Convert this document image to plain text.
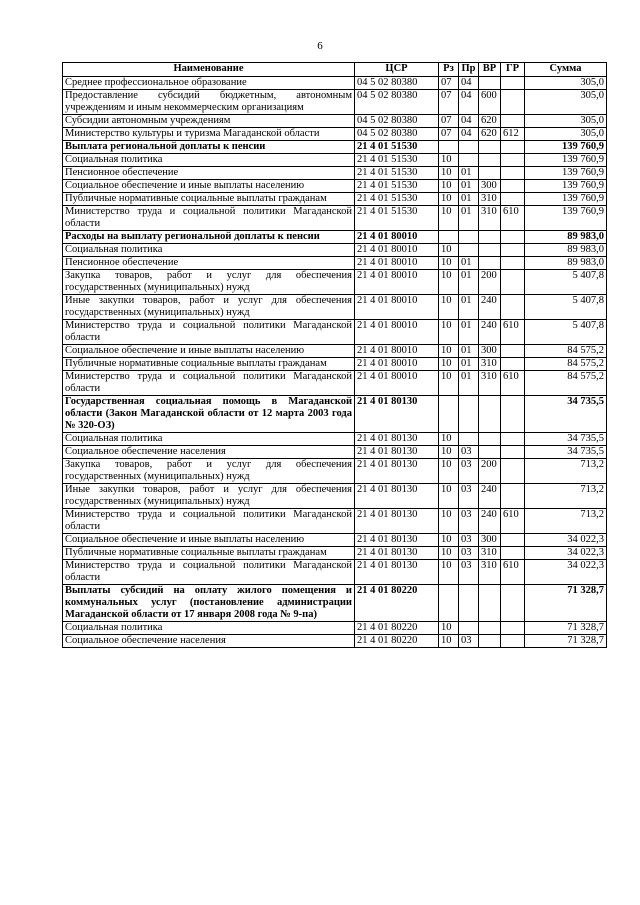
6
Наименование	ЦСР	Рз	Пр	ВР	ГР	Сумма
Среднее профессиональное образование	04 5 02 80380	07	04			305,0
Предоставление субсидий бюджетным, автономным учреждениям и иным некоммерческим организациям	04 5 02 80380	07	04	600		305,0
Субсидии автономным учреждениям	04 5 02 80380	07	04	620		305,0
Министерство культуры и туризма Магаданской области	04 5 02 80380	07	04	620	612	305,0
Выплата региональной доплаты к пенсии	21 4 01 51530					139 760,9
Социальная политика	21 4 01 51530	10				139 760,9
Пенсионное обеспечение	21 4 01 51530	10	01			139 760,9
Социальное обеспечение и иные выплаты населению	21 4 01 51530	10	01	300		139 760,9
Публичные нормативные социальные выплаты гражданам	21 4 01 51530	10	01	310		139 760,9
Министерство труда и социальной политики Магаданской области	21 4 01 51530	10	01	310	610	139 760,9
Расходы на выплату региональной доплаты к пенсии	21 4 01 80010					89 983,0
Социальная политика	21 4 01 80010	10				89 983,0
Пенсионное обеспечение	21 4 01 80010	10	01			89 983,0
Закупка товаров, работ и услуг для обеспечения государственных (муниципальных) нужд	21 4 01 80010	10	01	200		5 407,8
Иные закупки товаров, работ и услуг для обеспечения государственных (муниципальных) нужд	21 4 01 80010	10	01	240		5 407,8
Министерство труда и социальной политики Магаданской области	21 4 01 80010	10	01	240	610	5 407,8
Социальное обеспечение и иные выплаты населению	21 4 01 80010	10	01	300		84 575,2
Публичные нормативные социальные выплаты гражданам	21 4 01 80010	10	01	310		84 575,2
Министерство труда и социальной политики Магаданской области	21 4 01 80010	10	01	310	610	84 575,2
Государственная социальная помощь в Магаданской области (Закон Магаданской области от 12 марта 2003 года № 320-ОЗ)	21 4 01 80130					34 735,5
Социальная политика	21 4 01 80130	10				34 735,5
Социальное обеспечение населения	21 4 01 80130	10	03			34 735,5
Закупка товаров, работ и услуг для обеспечения государственных (муниципальных) нужд	21 4 01 80130	10	03	200		713,2
Иные закупки товаров, работ и услуг для обеспечения государственных (муниципальных) нужд	21 4 01 80130	10	03	240		713,2
Министерство труда и социальной политики Магаданской области	21 4 01 80130	10	03	240	610	713,2
Социальное обеспечение и иные выплаты населению	21 4 01 80130	10	03	300		34 022,3
Публичные нормативные социальные выплаты гражданам	21 4 01 80130	10	03	310		34 022,3
Министерство труда и социальной политики Магаданской области	21 4 01 80130	10	03	310	610	34 022,3
Выплаты субсидий на оплату жилого помещения и коммунальных услуг (постановление администрации Магаданской области от 17 января 2008 года № 9-па)	21 4 01 80220					71 328,7
Социальная политика	21 4 01 80220	10				71 328,7
Социальное обеспечение населения	21 4 01 80220	10	03			71 328,7
